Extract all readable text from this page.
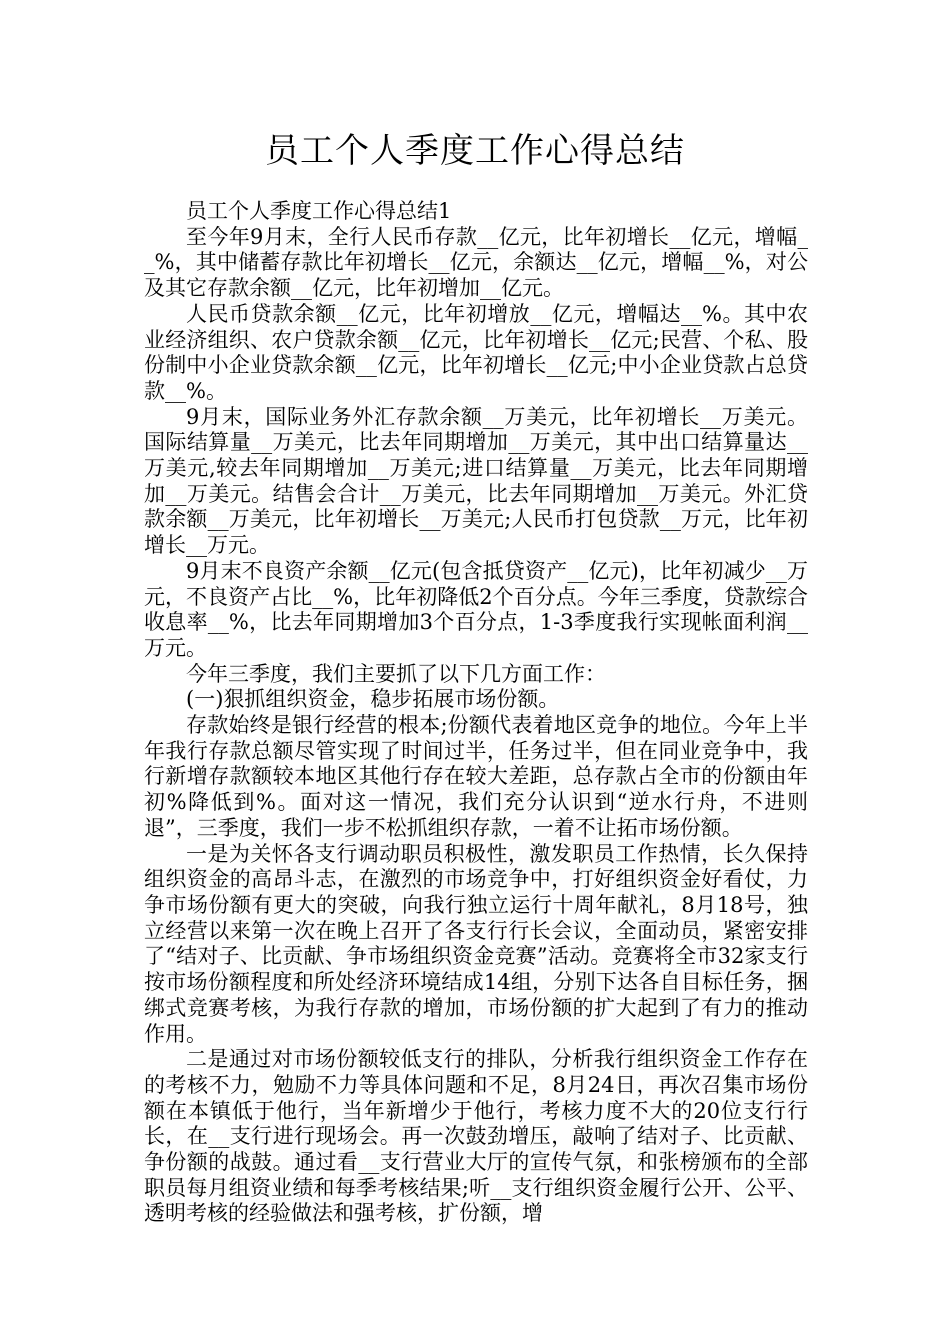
员工个人季度工作心得总结

员工个人季度工作心得总结1

至今年9月末，全行人民币存款__亿元，比年初增长__亿元，增幅__%，其中储蓄存款比年初增长__亿元，余额达__亿元，增幅__%，对公及其它存款余额__亿元，比年初增加__亿元。

人民币贷款余额__亿元，比年初增放__亿元，增幅达__%。其中农业经济组织、农户贷款余额__亿元，比年初增长__亿元;民营、个私、股份制中小企业贷款余额__亿元，比年初增长__亿元;中小企业贷款占总贷款__%。

9月末，国际业务外汇存款余额__万美元，比年初增长__万美元。国际结算量__万美元，比去年同期增加__万美元，其中出口结算量达__万美元,较去年同期增加__万美元;进口结算量__万美元，比去年同期增加__万美元。结售会合计__万美元，比去年同期增加__万美元。外汇贷款余额__万美元，比年初增长__万美元;人民币打包贷款__万元，比年初增长__万元。

9月末不良资产余额__亿元(包含抵贷资产__亿元)，比年初减少__万元，不良资产占比__%，比年初降低2个百分点。今年三季度，贷款综合收息率__%，比去年同期增加3个百分点，1-3季度我行实现帐面利润__万元。

今年三季度，我们主要抓了以下几方面工作：

(一)狠抓组织资金，稳步拓展市场份额。

存款始终是银行经营的根本;份额代表着地区竞争的地位。今年上半年我行存款总额尽管实现了时间过半，任务过半，但在同业竞争中，我行新增存款额较本地区其他行存在较大差距，总存款占全市的份额由年初%降低到%。面对这一情况，我们充分认识到“逆水行舟，不进则退”，三季度，我们一步不松抓组织存款，一着不让拓市场份额。

一是为关怀各支行调动职员积极性，激发职员工作热情，长久保持组织资金的高昂斗志，在激烈的市场竞争中，打好组织资金好看仗，力争市场份额有更大的突破，向我行独立运行十周年献礼，8月18号，独立经营以来第一次在晚上召开了各支行行长会议，全面动员，紧密安排了“结对子、比贡献、争市场组织资金竞赛”活动。竞赛将全市32家支行按市场份额程度和所处经济环境结成14组，分别下达各自目标任务，捆绑式竞赛考核，为我行存款的增加，市场份额的扩大起到了有力的推动作用。

二是通过对市场份额较低支行的排队，分析我行组织资金工作存在的考核不力，勉励不力等具体问题和不足，8月24日，再次召集市场份额在本镇低于他行，当年新增少于他行，考核力度不大的20位支行行长，在__支行进行现场会。再一次鼓劲增压，敲响了结对子、比贡献、争份额的战鼓。通过看__支行营业大厅的宣传气氛，和张榜颁布的全部职员每月组资业绩和每季考核结果;听__支行组织资金履行公开、公平、透明考核的经验做法和强考核，扩份额，增
